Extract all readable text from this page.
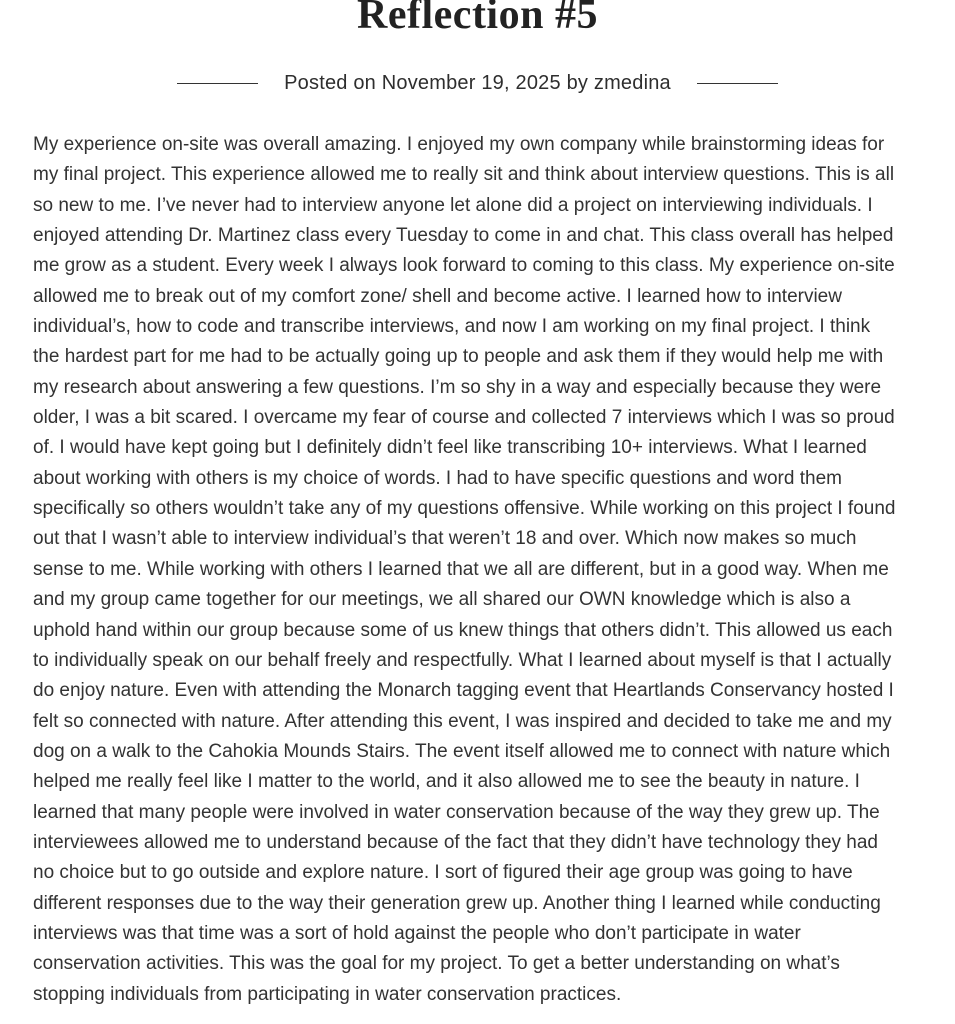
Reflection #5
Posted on November 19, 2025 by zmedina
My experience on-site was overall amazing. I enjoyed my own company while brainstorming ideas for
my final project. This experience allowed me to really sit and think about interview questions. This is all
so new to me. I’ve never had to interview anyone let alone did a project on interviewing individuals. I
enjoyed attending Dr. Martinez class every Tuesday to come in and chat. This class overall has helped
me grow as a student. Every week I always look forward to coming to this class. My experience on-site
allowed me to break out of my comfort zone/ shell and become active. I learned how to interview
individual’s, how to code and transcribe interviews, and now I am working on my final project. I think
the hardest part for me had to be actually going up to people and ask them if they would help me with
my research about answering a few questions. I’m so shy in a way and especially because they were
older, I was a bit scared. I overcame my fear of course and collected 7 interviews which I was so proud
of. I would have kept going but I definitely didn’t feel like transcribing 10+ interviews. What I learned
about working with others is my choice of words. I had to have specific questions and word them
specifically so others wouldn’t take any of my questions offensive. While working on this project I found
out that I wasn’t able to interview individual’s that weren’t 18 and over. Which now makes so much
sense to me. While working with others I learned that we all are different, but in a good way. When me
and my group came together for our meetings, we all shared our OWN knowledge which is also a
uphold hand within our group because some of us knew things that others didn’t. This allowed us each
to individually speak on our behalf freely and respectfully. What I learned about myself is that I actually
do enjoy nature. Even with attending the Monarch tagging event that Heartlands Conservancy hosted I
felt so connected with nature. After attending this event, I was inspired and decided to take me and my
dog on a walk to the Cahokia Mounds Stairs. The event itself allowed me to connect with nature which
helped me really feel like I matter to the world, and it also allowed me to see the beauty in nature. I
learned that many people were involved in water conservation because of the way they grew up. The
interviewees allowed me to understand because of the fact that they didn’t have technology they had
no choice but to go outside and explore nature. I sort of figured their age group was going to have
different responses due to the way their generation grew up. Another thing I learned while conducting
interviews was that time was a sort of hold against the people who don’t participate in water
conservation activities. This was the goal for my project. To get a better understanding on what’s
stopping individuals from participating in water conservation practices.
